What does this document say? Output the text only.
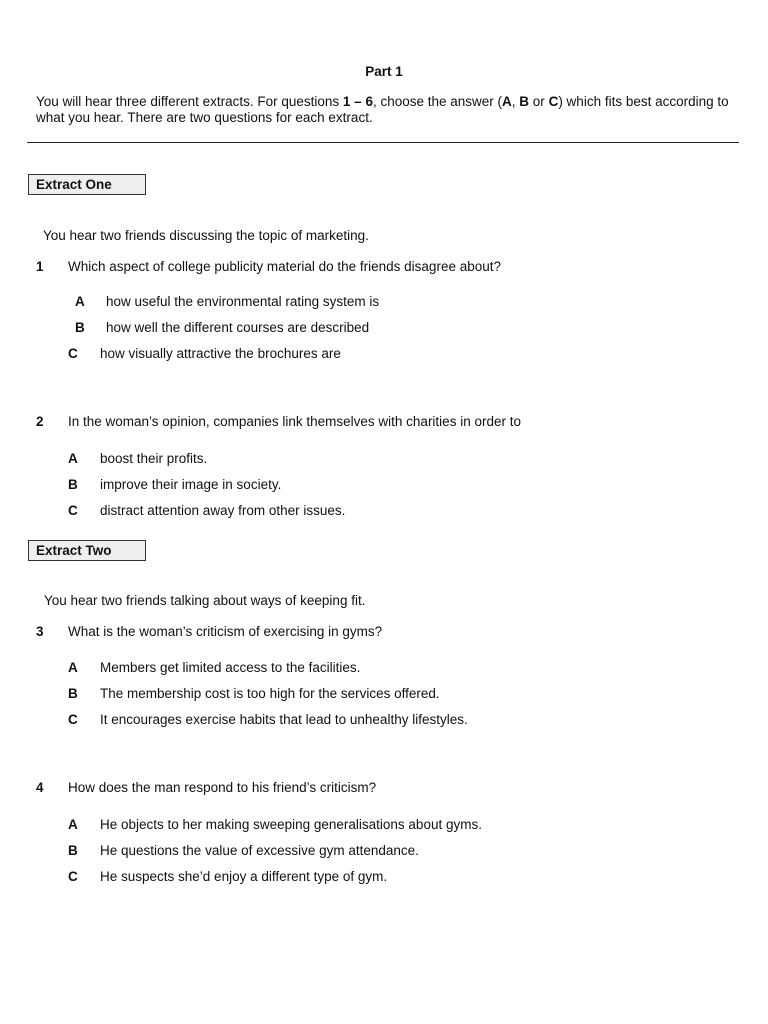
Part 1
You will hear three different extracts. For questions 1 – 6, choose the answer (A, B or C) which fits best according to what you hear. There are two questions for each extract.
Extract One
You hear two friends discussing the topic of marketing.
1 Which aspect of college publicity material do the friends disagree about?
A how useful the environmental rating system is
B how well the different courses are described
C how visually attractive the brochures are
2 In the woman’s opinion, companies link themselves with charities in order to
A boost their profits.
B improve their image in society.
C distract attention away from other issues.
Extract Two
You hear two friends talking about ways of keeping fit.
3 What is the woman’s criticism of exercising in gyms?
A Members get limited access to the facilities.
B The membership cost is too high for the services offered.
C It encourages exercise habits that lead to unhealthy lifestyles.
4 How does the man respond to his friend’s criticism?
A He objects to her making sweeping generalisations about gyms.
B He questions the value of excessive gym attendance.
C He suspects she’d enjoy a different type of gym.
